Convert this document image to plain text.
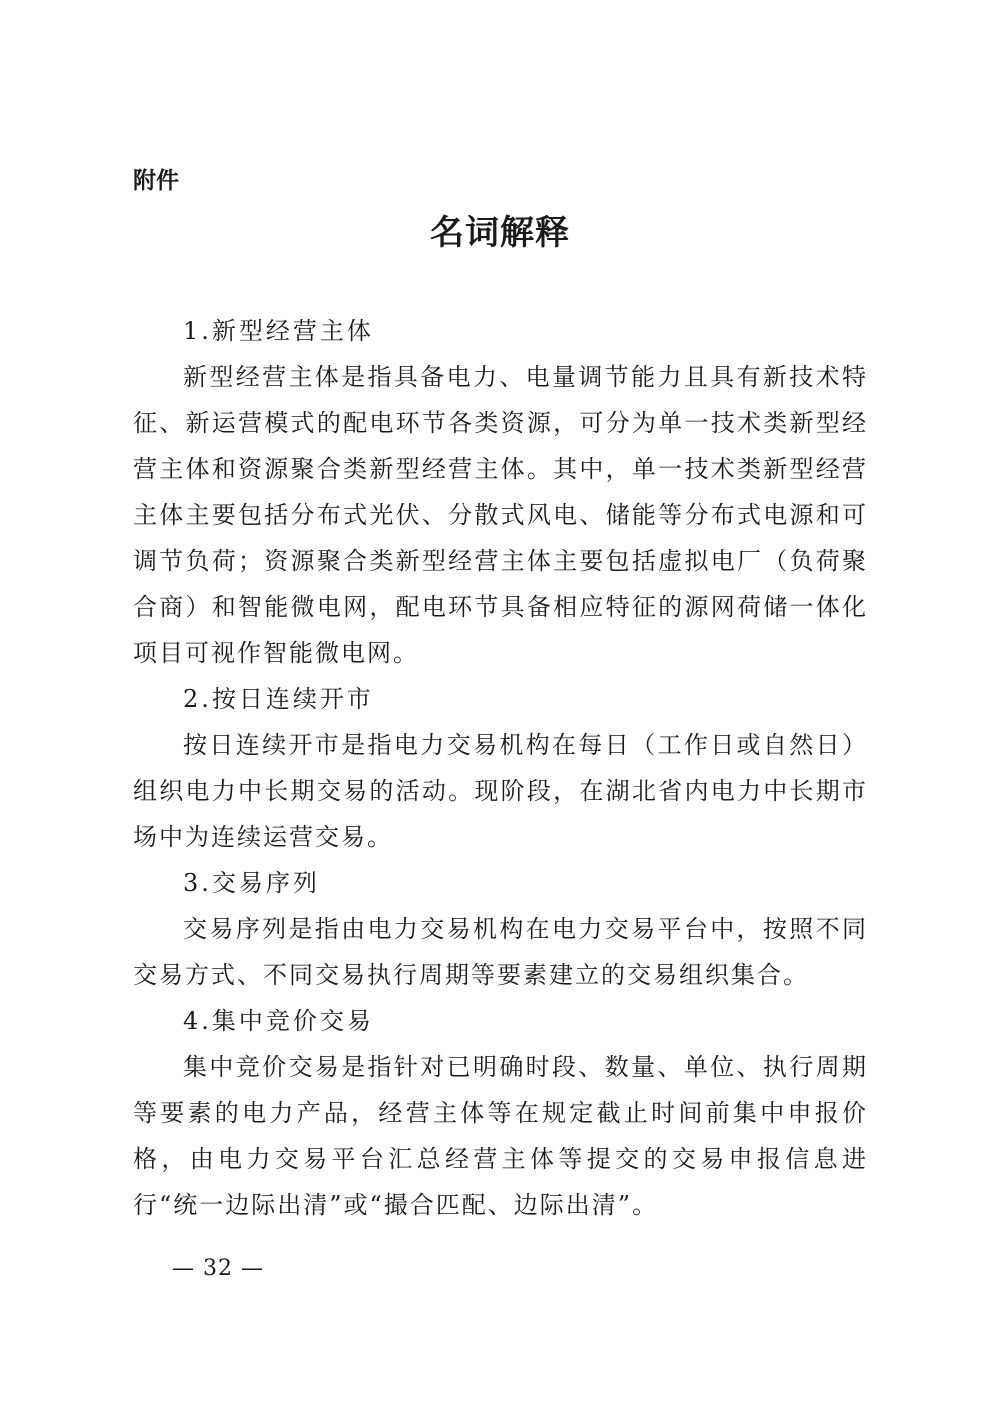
附件
名词解释

1.新型经营主体

新型经营主体是指具备电力、电量调节能力且具有新技术特征、新运营模式的配电环节各类资源，可分为单一技术类新型经营主体和资源聚合类新型经营主体。其中，单一技术类新型经营主体主要包括分布式光伏、分散式风电、储能等分布式电源和可调节负荷；资源聚合类新型经营主体主要包括虚拟电厂（负荷聚合商）和智能微电网，配电环节具备相应特征的源网荷储一体化项目可视作智能微电网。

2.按日连续开市

按日连续开市是指电力交易机构在每日（工作日或自然日）组织电力中长期交易的活动。现阶段，在湖北省内电力中长期市场中为连续运营交易。

3.交易序列

交易序列是指由电力交易机构在电力交易平台中，按照不同交易方式、不同交易执行周期等要素建立的交易组织集合。

4.集中竞价交易

集中竞价交易是指针对已明确时段、数量、单位、执行周期等要素的电力产品，经营主体等在规定截止时间前集中申报价格，由电力交易平台汇总经营主体等提交的交易申报信息进行“统一边际出清”或“撮合匹配、边际出清”。

— 32 —
